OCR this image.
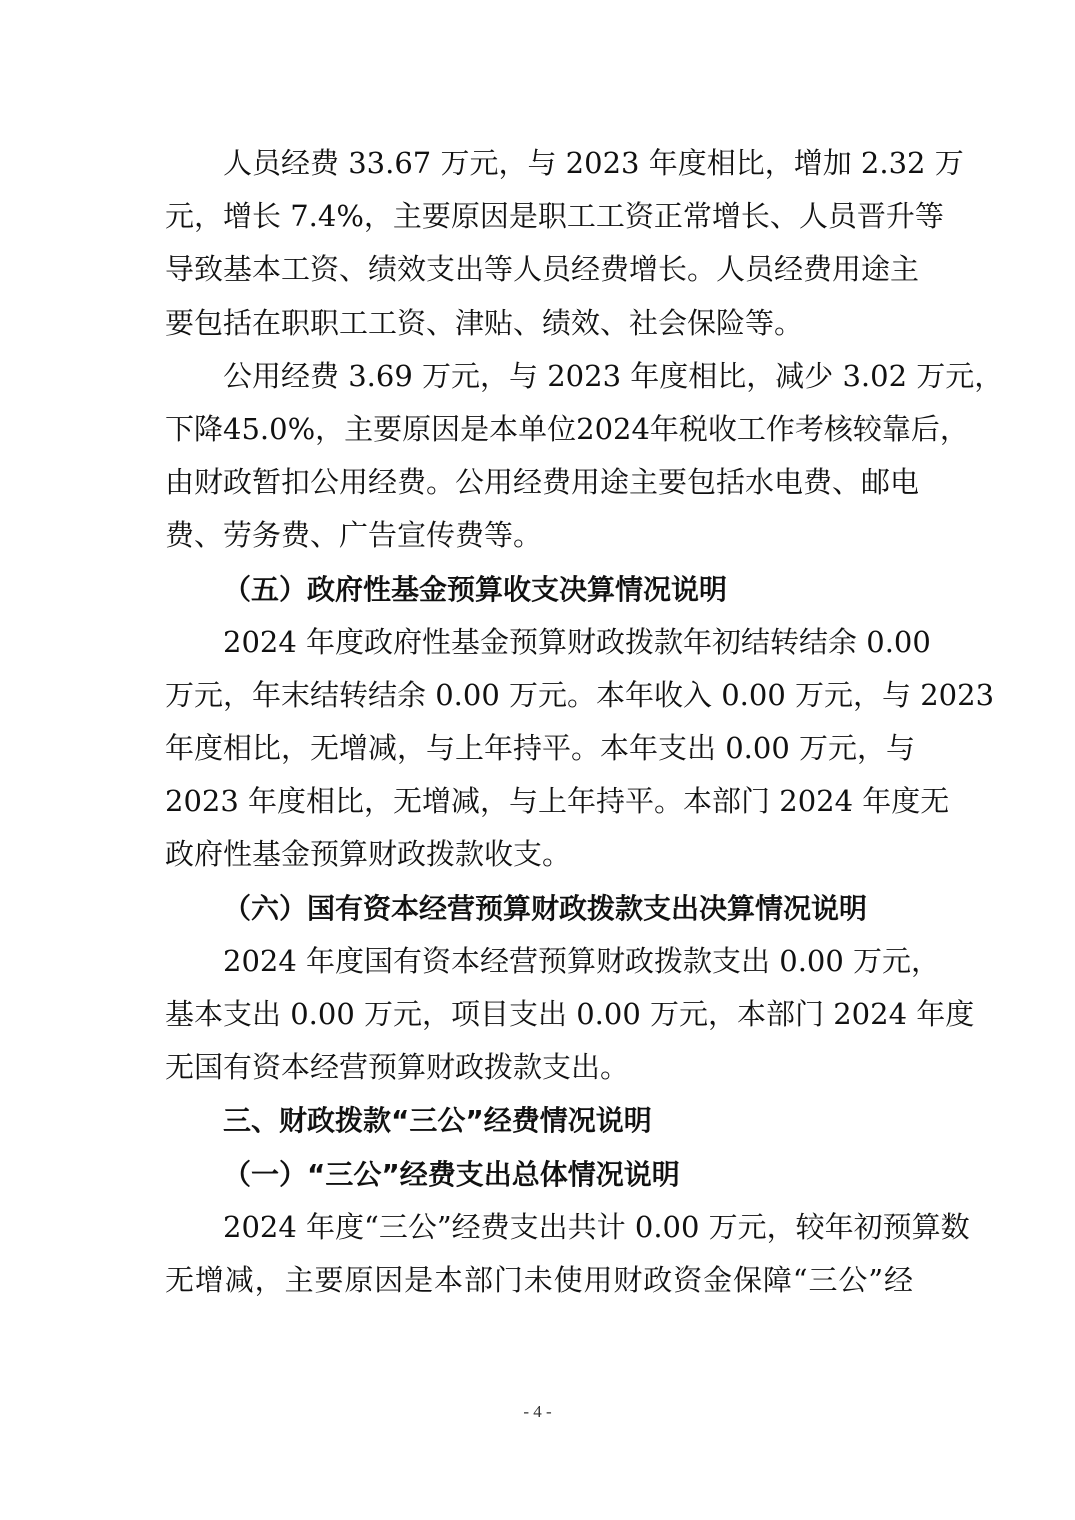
人员经费 33.67 万元，与 2023 年度相比，增加 2.32 万
元，增长 7.4%，主要原因是职工工资正常增长、人员晋升等
导致基本工资、绩效支出等人员经费增长。人员经费用途主
要包括在职职工工资、津贴、绩效、社会保险等。
公用经费 3.69 万元，与 2023 年度相比，减少 3.02 万元，
下降45.0%，主要原因是本单位2024年税收工作考核较靠后，
由财政暂扣公用经费。公用经费用途主要包括水电费、邮电
费、劳务费、广告宣传费等。
（五）政府性基金预算收支决算情况说明
2024 年度政府性基金预算财政拨款年初结转结余 0.00
万元，年末结转结余 0.00 万元。本年收入 0.00 万元，与 2023
年度相比，无增减，与上年持平。本年支出 0.00 万元，与
2023 年度相比，无增减，与上年持平。本部门 2024 年度无
政府性基金预算财政拨款收支。
（六）国有资本经营预算财政拨款支出决算情况说明
2024 年度国有资本经营预算财政拨款支出 0.00 万元，
基本支出 0.00 万元，项目支出 0.00 万元，本部门 2024 年度
无国有资本经营预算财政拨款支出。
三、财政拨款“三公”经费情况说明
（一）“三公”经费支出总体情况说明
2024 年度“三公”经费支出共计 0.00 万元，较年初预算数
无增减，主要原因是本部门未使用财政资金保障“三公”经
- 4 -
